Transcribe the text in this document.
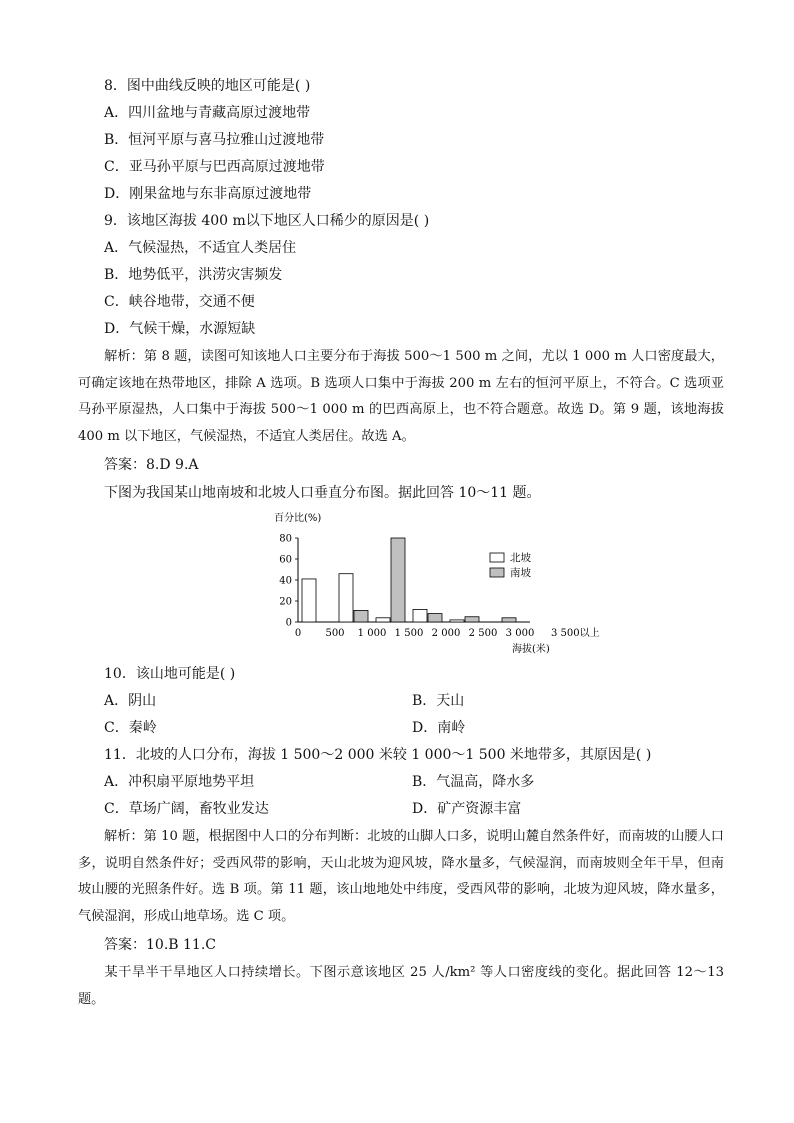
8．图中曲线反映的地区可能是( )
A．四川盆地与青藏高原过渡地带
B．恒河平原与喜马拉雅山过渡地带
C．亚马孙平原与巴西高原过渡地带
D．刚果盆地与东非高原过渡地带
9．该地区海拔 400 m以下地区人口稀少的原因是( )
A．气候湿热，不适宜人类居住
B．地势低平，洪涝灾害频发
C．峡谷地带，交通不便
D．气候干燥，水源短缺
解析：第 8 题，读图可知该地人口主要分布于海拔 500～1 500 m 之间，尤以 1 000 m 人口密度最大，可确定该地在热带地区，排除 A 选项。B 选项人口集中于海拔 200 m 左右的恒河平原上，不符合。C 选项亚马孙平原湿热，人口集中于海拔 500～1 000 m 的巴西高原上，也不符合题意。故选 D。第 9 题，该地海拔 400 m 以下地区，气候湿热，不适宜人类居住。故选 A。
答案：8.D 9.A
下图为我国某山地南坡和北坡人口垂直分布图。据此回答 10～11 题。
百分比(%)
海拔(米)
0
20
40
60
80
0 500 1 000 1 500 2 000 2 500 3 000 3 500以上
北坡
南坡
10．该山地可能是( )
A．阴山	B．天山
C．秦岭	D．南岭
11．北坡的人口分布，海拔 1 500～2 000 米较 1 000～1 500 米地带多，其原因是( )
A．冲积扇平原地势平坦	B．气温高，降水多
C．草场广阔，畜牧业发达	D．矿产资源丰富
解析：第 10 题，根据图中人口的分布判断：北坡的山脚人口多，说明山麓自然条件好，而南坡的山腰人口多，说明自然条件好；受西风带的影响，天山北坡为迎风坡，降水量多，气候湿润，而南坡则全年干旱，但南坡山腰的光照条件好。选 B 项。第 11 题，该山地地处中纬度，受西风带的影响，北坡为迎风坡，降水量多，气候湿润，形成山地草场。选 C 项。
答案：10.B 11.C
某干旱半干旱地区人口持续增长。下图示意该地区 25 人/km² 等人口密度线的变化。据此回答 12～13 题。
